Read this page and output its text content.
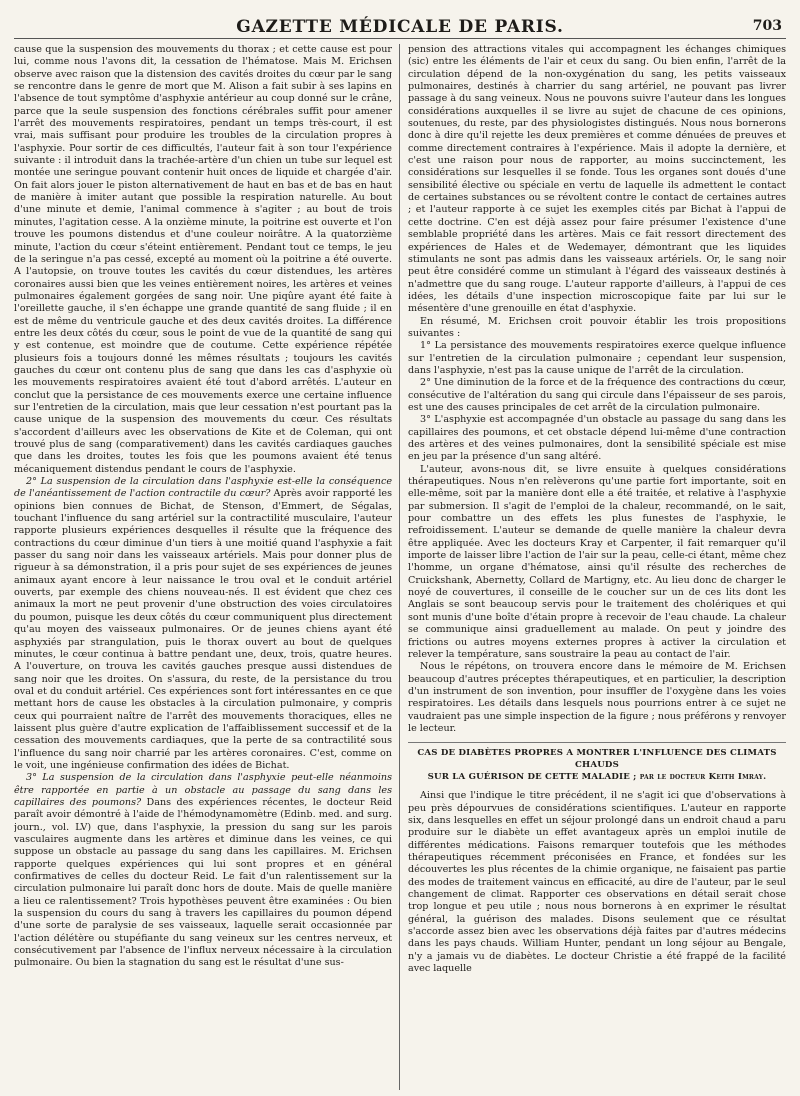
GAZETTE MÉDICALE DE PARIS.	703

cause que la suspension des mouvements du thorax ; et cette cause est pour lui, comme nous l'avons dit, la cessation de l'hématose. Mais M. Erichsen observe avec raison que la distension des cavités droites du cœur par le sang se rencontre dans le genre de mort que M. Alison a fait subir à ses lapins en l'absence de tout symptôme d'asphyxie antérieur au coup donné sur le crâne, parce que la seule suspension des fonctions cérébrales suffit pour amener l'arrêt des mouvements respiratoires, pendant un temps très-court, il est vrai, mais suffisant pour produire les troubles de la circulation propres à l'asphyxie. Pour sortir de ces difficultés, l'auteur fait à son tour l'expérience suivante : il introduit dans la trachée-artère d'un chien un tube sur lequel est montée une seringue pouvant contenir huit onces de liquide et chargée d'air. On fait alors jouer le piston alternativement de haut en bas et de bas en haut de manière à imiter autant que possible la respiration naturelle. Au bout d'une minute et demie, l'animal commence à s'agiter ; au bout de trois minutes, l'agitation cesse. A la onzième minute, la poitrine est ouverte et l'on trouve les poumons distendus et d'une couleur noirâtre. A la quatorzième minute, l'action du cœur s'éteint entièrement. Pendant tout ce temps, le jeu de la seringue n'a pas cessé, excepté au moment où la poitrine a été ouverte. A l'autopsie, on trouve toutes les cavités du cœur distendues, les artères coronaires aussi bien que les veines entièrement noires, les artères et veines pulmonaires également gorgées de sang noir. Une piqûre ayant été faite à l'oreillette gauche, il s'en échappe une grande quantité de sang fluide ; il en est de même du ventricule gauche et des deux cavités droites. La différence entre les deux côtés du cœur, sous le point de vue de la quantité de sang qui y est contenue, est moindre que de coutume. Cette expérience répétée plusieurs fois a toujours donné les mêmes résultats ; toujours les cavités gauches du cœur ont contenu plus de sang que dans les cas d'asphyxie où les mouvements respiratoires avaient été tout d'abord arrêtés. L'auteur en conclut que la persistance de ces mouvements exerce une certaine influence sur l'entretien de la circulation, mais que leur cessation n'est pourtant pas la cause unique de la suspension des mouvements du cœur. Ces résultats s'accordent d'ailleurs avec les observations de Kite et de Coleman, qui ont trouvé plus de sang (comparativement) dans les cavités cardiaques gauches que dans les droites, toutes les fois que les poumons avaient été tenus mécaniquement distendus pendant le cours de l'asphyxie.

2° La suspension de la circulation dans l'asphyxie est-elle la conséquence de l'anéantissement de l'action contractile du cœur? Après avoir rapporté les opinions bien connues de Bichat, de Stenson, d'Emmert, de Ségalas, touchant l'influence du sang artériel sur la contractilité musculaire, l'auteur rapporte plusieurs expériences desquelles il résulte que la fréquence des contractions du cœur diminue d'un tiers à une moitié quand l'asphyxie a fait passer du sang noir dans les vaisseaux artériels. Mais pour donner plus de rigueur à sa démonstration, il a pris pour sujet de ses expériences de jeunes animaux ayant encore à leur naissance le trou oval et le conduit artériel ouverts, par exemple des chiens nouveau-nés. Il est évident que chez ces animaux la mort ne peut provenir d'une obstruction des voies circulatoires du poumon, puisque les deux côtés du cœur communiquent plus directement qu'au moyen des vaisseaux pulmonaires. Or de jeunes chiens ayant été asphyxiés par strangulation, puis le thorax ouvert au bout de quelques minutes, le cœur continua à battre pendant une, deux, trois, quatre heures. A l'ouverture, on trouva les cavités gauches presque aussi distendues de sang noir que les droites. On s'assura, du reste, de la persistance du trou oval et du conduit artériel. Ces expériences sont fort intéressantes en ce que mettant hors de cause les obstacles à la circulation pulmonaire, y compris ceux qui pourraient naître de l'arrêt des mouvements thoraciques, elles ne laissent plus guère d'autre explication de l'affaiblissement successif et de la cessation des mouvements cardiaques, que la perte de sa contractilité sous l'influence du sang noir charrié par les artères coronaires. C'est, comme on le voit, une ingénieuse confirmation des idées de Bichat.

3° La suspension de la circulation dans l'asphyxie peut-elle néanmoins être rapportée en partie à un obstacle au passage du sang dans les capillaires des poumons? Dans des expériences récentes, le docteur Reid paraît avoir démontré à l'aide de l'hémodynamomètre (Edinb. med. and surg. journ., vol. LV) que, dans l'asphyxie, la pression du sang sur les parois vasculaires augmente dans les artères et diminue dans les veines, ce qui suppose un obstacle au passage du sang dans les capillaires. M. Erichsen rapporte quelques expériences qui lui sont propres et en général confirmatives de celles du docteur Reid. Le fait d'un ralentissement sur la circulation pulmonaire lui paraît donc hors de doute. Mais de quelle manière a lieu ce ralentissement? Trois hypothèses peuvent être examinées : Ou bien la suspension du cours du sang à travers les capillaires du poumon dépend d'une sorte de paralysie de ses vaisseaux, laquelle serait occasionnée par l'action délétère ou stupéfiante du sang veineux sur les centres nerveux, et consécutivement par l'absence de l'influx nerveux nécessaire à la circulation pulmonaire. Ou bien la stagnation du sang est le résultat d'une sus-

pension des attractions vitales qui accompagnent les échanges chimiques (sic) entre les éléments de l'air et ceux du sang. Ou bien enfin, l'arrêt de la circulation dépend de la non-oxygénation du sang, les petits vaisseaux pulmonaires, destinés à charrier du sang artériel, ne pouvant pas livrer passage à du sang veineux. Nous ne pouvons suivre l'auteur dans les longues considérations auxquelles il se livre au sujet de chacune de ces opinions, soutenues, du reste, par des physiologistes distingués. Nous nous bornerons donc à dire qu'il rejette les deux premières et comme dénuées de preuves et comme directement contraires à l'expérience. Mais il adopte la dernière, et c'est une raison pour nous de rapporter, au moins succinctement, les considérations sur lesquelles il se fonde. Tous les organes sont doués d'une sensibilité élective ou spéciale en vertu de laquelle ils admettent le contact de certaines substances ou se révoltent contre le contact de certaines autres ; et l'auteur rapporte à ce sujet les exemples cités par Bichat à l'appui de cette doctrine. C'en est déjà assez pour faire présumer l'existence d'une semblable propriété dans les artères. Mais ce fait ressort directement des expériences de Hales et de Wedemayer, démontrant que les liquides stimulants ne sont pas admis dans les vaisseaux artériels. Or, le sang noir peut être considéré comme un stimulant à l'égard des vaisseaux destinés à n'admettre que du sang rouge. L'auteur rapporte d'ailleurs, à l'appui de ces idées, les détails d'une inspection microscopique faite par lui sur le mésentère d'une grenouille en état d'asphyxie.

En résumé, M. Erichsen croit pouvoir établir les trois propositions suivantes :

1° La persistance des mouvements respiratoires exerce quelque influence sur l'entretien de la circulation pulmonaire ; cependant leur suspension, dans l'asphyxie, n'est pas la cause unique de l'arrêt de la circulation.

2° Une diminution de la force et de la fréquence des contractions du cœur, consécutive de l'altération du sang qui circule dans l'épaisseur de ses parois, est une des causes principales de cet arrêt de la circulation pulmonaire.

3° L'asphyxie est accompagnée d'un obstacle au passage du sang dans les capillaires des poumons, et cet obstacle dépend lui-même d'une contraction des artères et des veines pulmonaires, dont la sensibilité spéciale est mise en jeu par la présence d'un sang altéré.

L'auteur, avons-nous dit, se livre ensuite à quelques considérations thérapeutiques. Nous n'en relèverons qu'une partie fort importante, soit en elle-même, soit par la manière dont elle a été traitée, et relative à l'asphyxie par submersion. Il s'agit de l'emploi de la chaleur, recommandé, on le sait, pour combattre un des effets les plus funestes de l'asphyxie, le refroidissement. L'auteur se demande de quelle manière la chaleur devra être appliquée. Avec les docteurs Kray et Carpenter, il fait remarquer qu'il importe de laisser libre l'action de l'air sur la peau, celle-ci étant, même chez l'homme, un organe d'hématose, ainsi qu'il résulte des recherches de Cruickshank, Abernetty, Collard de Martigny, etc. Au lieu donc de charger le noyé de couvertures, il conseille de le coucher sur un de ces lits dont les Anglais se sont beaucoup servis pour le traitement des cholériques et qui sont munis d'une boîte d'étain propre à recevoir de l'eau chaude. La chaleur se communique ainsi graduellement au malade. On peut y joindre des frictions ou autres moyens externes propres à activer la circulation et relever la température, sans soustraire la peau au contact de l'air.

Nous le répétons, on trouvera encore dans le mémoire de M. Erichsen beaucoup d'autres préceptes thérapeutiques, et en particulier, la description d'un instrument de son invention, pour insuffler de l'oxygène dans les voies respiratoires. Les détails dans lesquels nous pourrions entrer à ce sujet ne vaudraient pas une simple inspection de la figure ; nous préférons y renvoyer le lecteur.

CAS DE DIABÈTES PROPRES A MONTRER L'INFLUENCE DES CLIMATS CHAUDS
SUR LA GUÉRISON DE CETTE MALADIE ; par le docteur Keith Imray.

Ainsi que l'indique le titre précédent, il ne s'agit ici que d'observations à peu près dépourvues de considérations scientifiques. L'auteur en rapporte six, dans lesquelles en effet un séjour prolongé dans un endroit chaud a paru produire sur le diabète un effet avantageux après un emploi inutile de différentes médications. Faisons remarquer toutefois que les méthodes thérapeutiques récemment préconisées en France, et fondées sur les découvertes les plus récentes de la chimie organique, ne faisaient pas partie des modes de traitement vaincus en efficacité, au dire de l'auteur, par le seul changement de climat. Rapporter ces observations en détail serait chose trop longue et peu utile ; nous nous bornerons à en exprimer le résultat général, la guérison des malades. Disons seulement que ce résultat s'accorde assez bien avec les observations déjà faites par d'autres médecins dans les pays chauds. William Hunter, pendant un long séjour au Bengale, n'y a jamais vu de diabètes. Le docteur Christie a été frappé de la facilité avec laquelle
